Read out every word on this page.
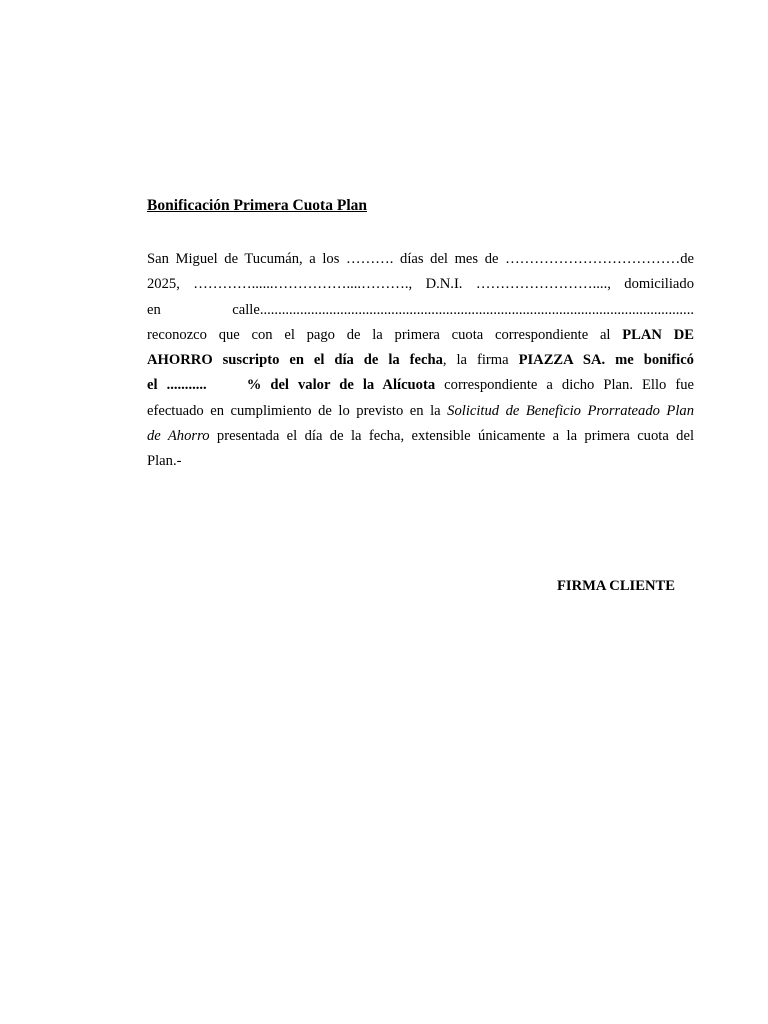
Bonificación Primera Cuota Plan
San Miguel de Tucumán, a los ………. días del mes de ………………………………de
2025, …………......……………....………., D.N.I. ……………………...., domiciliado
en calle.......................................................................................................................
reconozco que con el pago de la primera cuota correspondiente al PLAN DE
AHORRO suscripto en el día de la fecha, la firma PIAZZA SA. me bonificó
el ...........	% del valor de la Alícuota correspondiente a dicho Plan. Ello fue
efectuado en cumplimiento de lo previsto en la Solicitud de Beneficio Prorrateado Plan
de Ahorro presentada el día de la fecha, extensible únicamente a la primera cuota del
Plan.-

FIRMA CLIENTE
